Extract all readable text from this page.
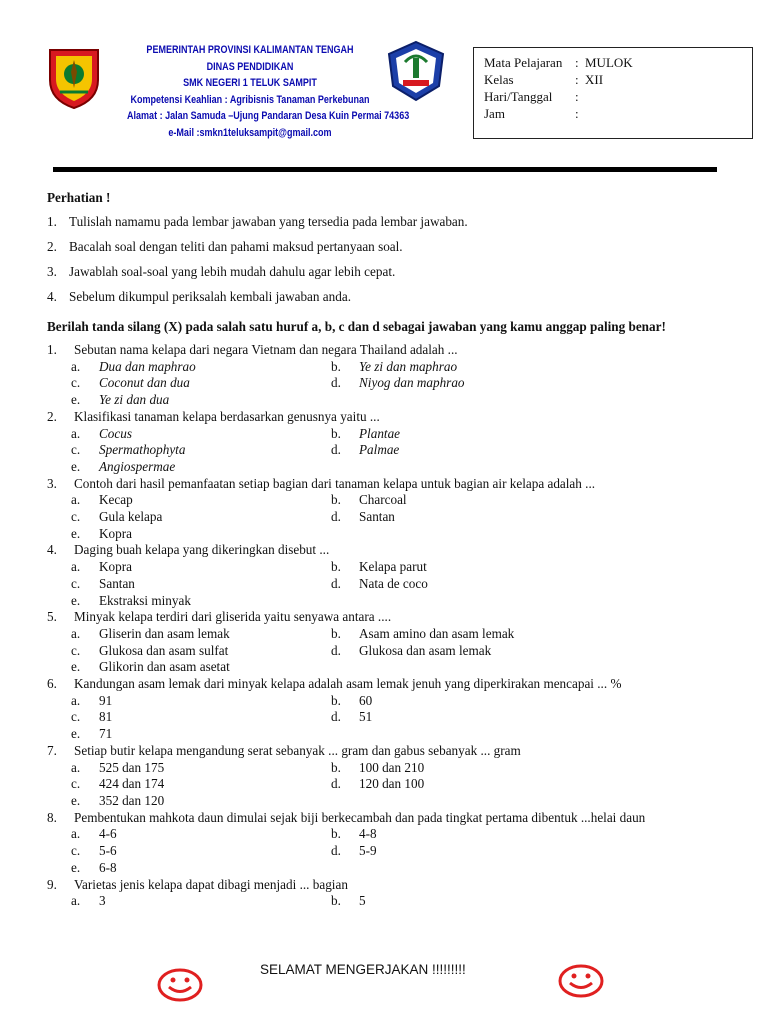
PEMERINTAH PROVINSI KALIMANTAN TENGAH
DINAS PENDIDIKAN
SMK NEGERI 1 TELUK SAMPIT
Kompetensi Keahlian : Agribisnis Tanaman Perkebunan
Alamat : Jalan Samuda –Ujung Pandaran Desa Kuin Permai 74363
e-Mail :smkn1teluksampit@gmail.com
Mata Pelajaran : MULOK
Kelas	: XII
Hari/Tanggal	:
Jam	:
Perhatian !
1. Tulislah namamu pada lembar jawaban yang tersedia pada lembar jawaban.
2. Bacalah soal dengan teliti dan pahami maksud pertanyaan soal.
3. Jawablah soal-soal yang lebih mudah dahulu agar lebih cepat.
4. Sebelum dikumpul periksalah kembali jawaban anda.
Berilah tanda silang (X) pada salah satu huruf a, b, c dan d sebagai jawaban yang kamu anggap paling benar!
1.	Sebutan nama kelapa dari negara Vietnam dan negara Thailand adalah ...
a.	Dua dan maphrao	b.	Ye zi dan maphrao
c.	Coconut dan dua	d.	Niyog dan maphrao
e.	Ye zi dan dua
2.	Klasifikasi tanaman kelapa berdasarkan genusnya yaitu ...
a.	Cocus	b.	Plantae
c.	Spermathophyta	d.	Palmae
e.	Angiospermae
3.	Contoh dari hasil pemanfaatan setiap bagian dari tanaman kelapa untuk bagian air kelapa adalah ...
a.	Kecap	b.	Charcoal
c.	Gula kelapa	d.	Santan
e.	Kopra
4.	Daging buah kelapa yang dikeringkan disebut ...
a.	Kopra	b.	Kelapa parut
c.	Santan	d.	Nata de coco
e.	Ekstraksi minyak
5.	Minyak kelapa terdiri dari gliserida yaitu senyawa antara ....
a.	Gliserin dan asam lemak	b.	Asam amino dan asam lemak
c.	Glukosa dan asam sulfat	d.	Glukosa dan asam lemak
e.	Glikorin dan asam asetat
6.	Kandungan asam lemak dari minyak kelapa adalah asam lemak jenuh yang diperkirakan mencapai ... %
a.	91	b.	60
c.	81	d.	51
e.	71
7.	Setiap butir kelapa mengandung serat sebanyak ... gram dan gabus sebanyak ... gram
a.	525 dan 175	b.	100 dan 210
c.	424 dan 174	d.	120 dan 100
e.	352 dan 120
8.	Pembentukan mahkota daun dimulai sejak biji berkecambah dan pada tingkat pertama dibentuk ...helai daun
a.	4-6	b.	4-8
c.	5-6	d.	5-9
e.	6-8
9.	Varietas jenis kelapa dapat dibagi menjadi ... bagian
a.	3	b.	5
SELAMAT MENGERJAKAN !!!!!!!!!
